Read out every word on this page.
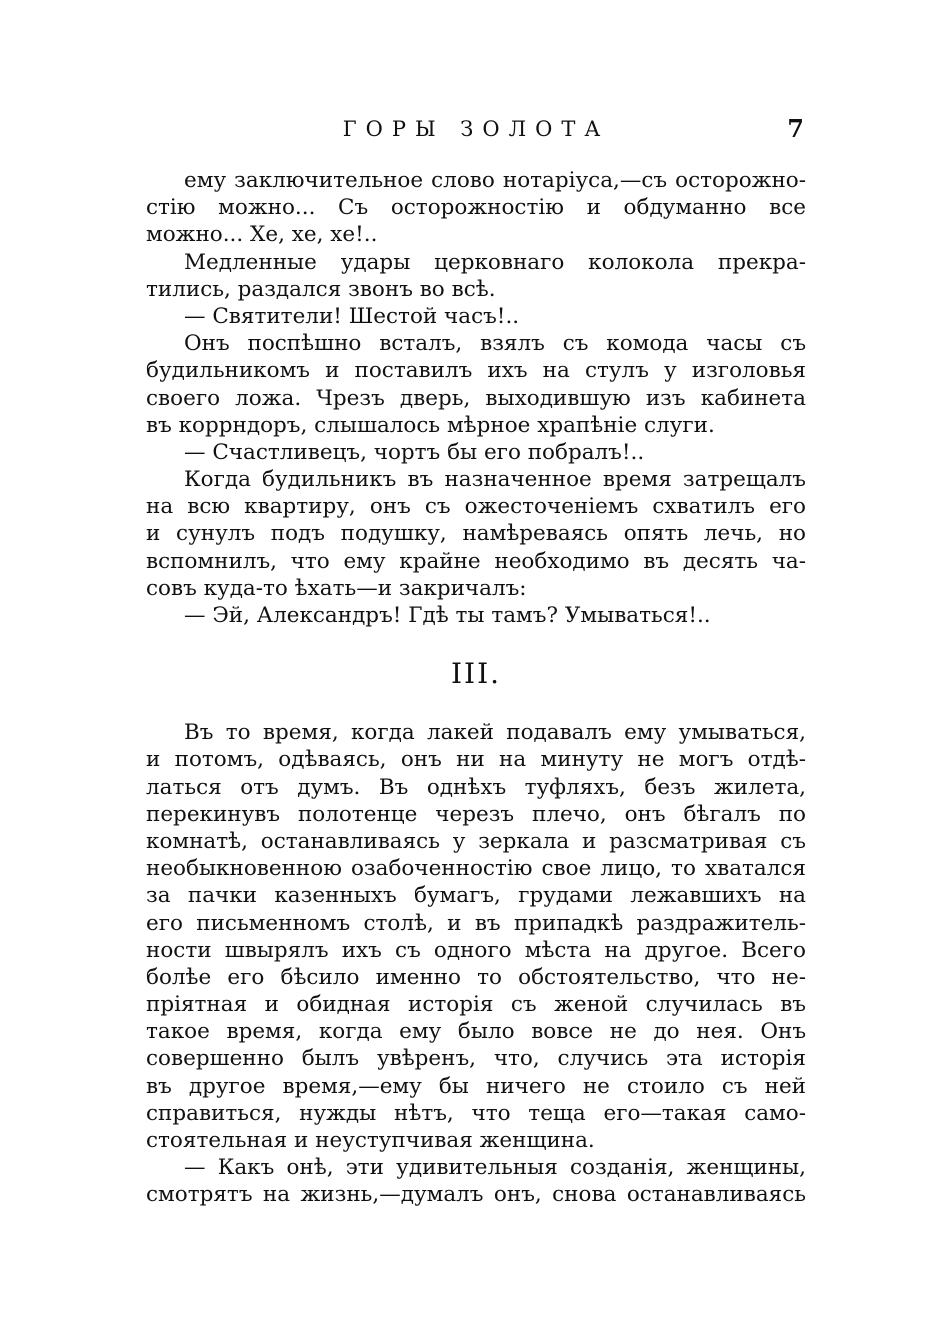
ГОРЫ ЗОЛОТА	7
ему заключительное слово нотаріуса,—съ осторожно-
стію можно... Съ осторожностію и обдуманно все
можно... Хе, хе, хе!..
Медленные удары церковнаго колокола прекра-
тились, раздался звонъ во всѣ.
— Святители! Шестой часъ!..
Онъ поспѣшно всталъ, взялъ съ комода часы съ
будильникомъ и поставилъ ихъ на стулъ у изголовья
своего ложа. Чрезъ дверь, выходившую изъ кабинета
въ коррндоръ, слышалось мѣрное храпѣніе слуги.
— Счастливецъ, чортъ бы его побралъ!..
Когда будильникъ въ назначенное время затрещалъ
на всю квартиру, онъ съ ожесточеніемъ схватилъ его
и сунулъ подъ подушку, намѣреваясь опять лечь, но
вспомнилъ, что ему крайне необходимо въ десять ча-
совъ куда-то ѣхать—и закричалъ:
— Эй, Александръ! Гдѣ ты тамъ? Умываться!..
III.
Въ то время, когда лакей подавалъ ему умываться,
и потомъ, одѣваясь, онъ ни на минуту не могъ отдѣ-
латься отъ думъ. Въ однѣхъ туфляхъ, безъ жилета,
перекинувъ полотенце черезъ плечо, онъ бѣгалъ по
комнатѣ, останавливаясь у зеркала и разсматривая съ
необыкновенною озабоченностію свое лицо, то хватался
за пачки казенныхъ бумагъ, грудами лежавшихъ на
его письменномъ столѣ, и въ припадкѣ раздражитель-
ности швырялъ ихъ съ одного мѣста на другое. Всего
болѣе его бѣсило именно то обстоятельство, что не-
пріятная и обидная исторія съ женой случилась въ
такое время, когда ему было вовсе не до нея. Онъ
совершенно былъ увѣренъ, что, случись эта исторія
въ другое время,—ему бы ничего не стоило съ ней
справиться, нужды нѣтъ, что теща его—такая само-
стоятельная и неуступчивая женщина.
— Какъ онѣ, эти удивительныя созданія, женщины,
смотрятъ на жизнь,—думалъ онъ, снова останавливаясь
